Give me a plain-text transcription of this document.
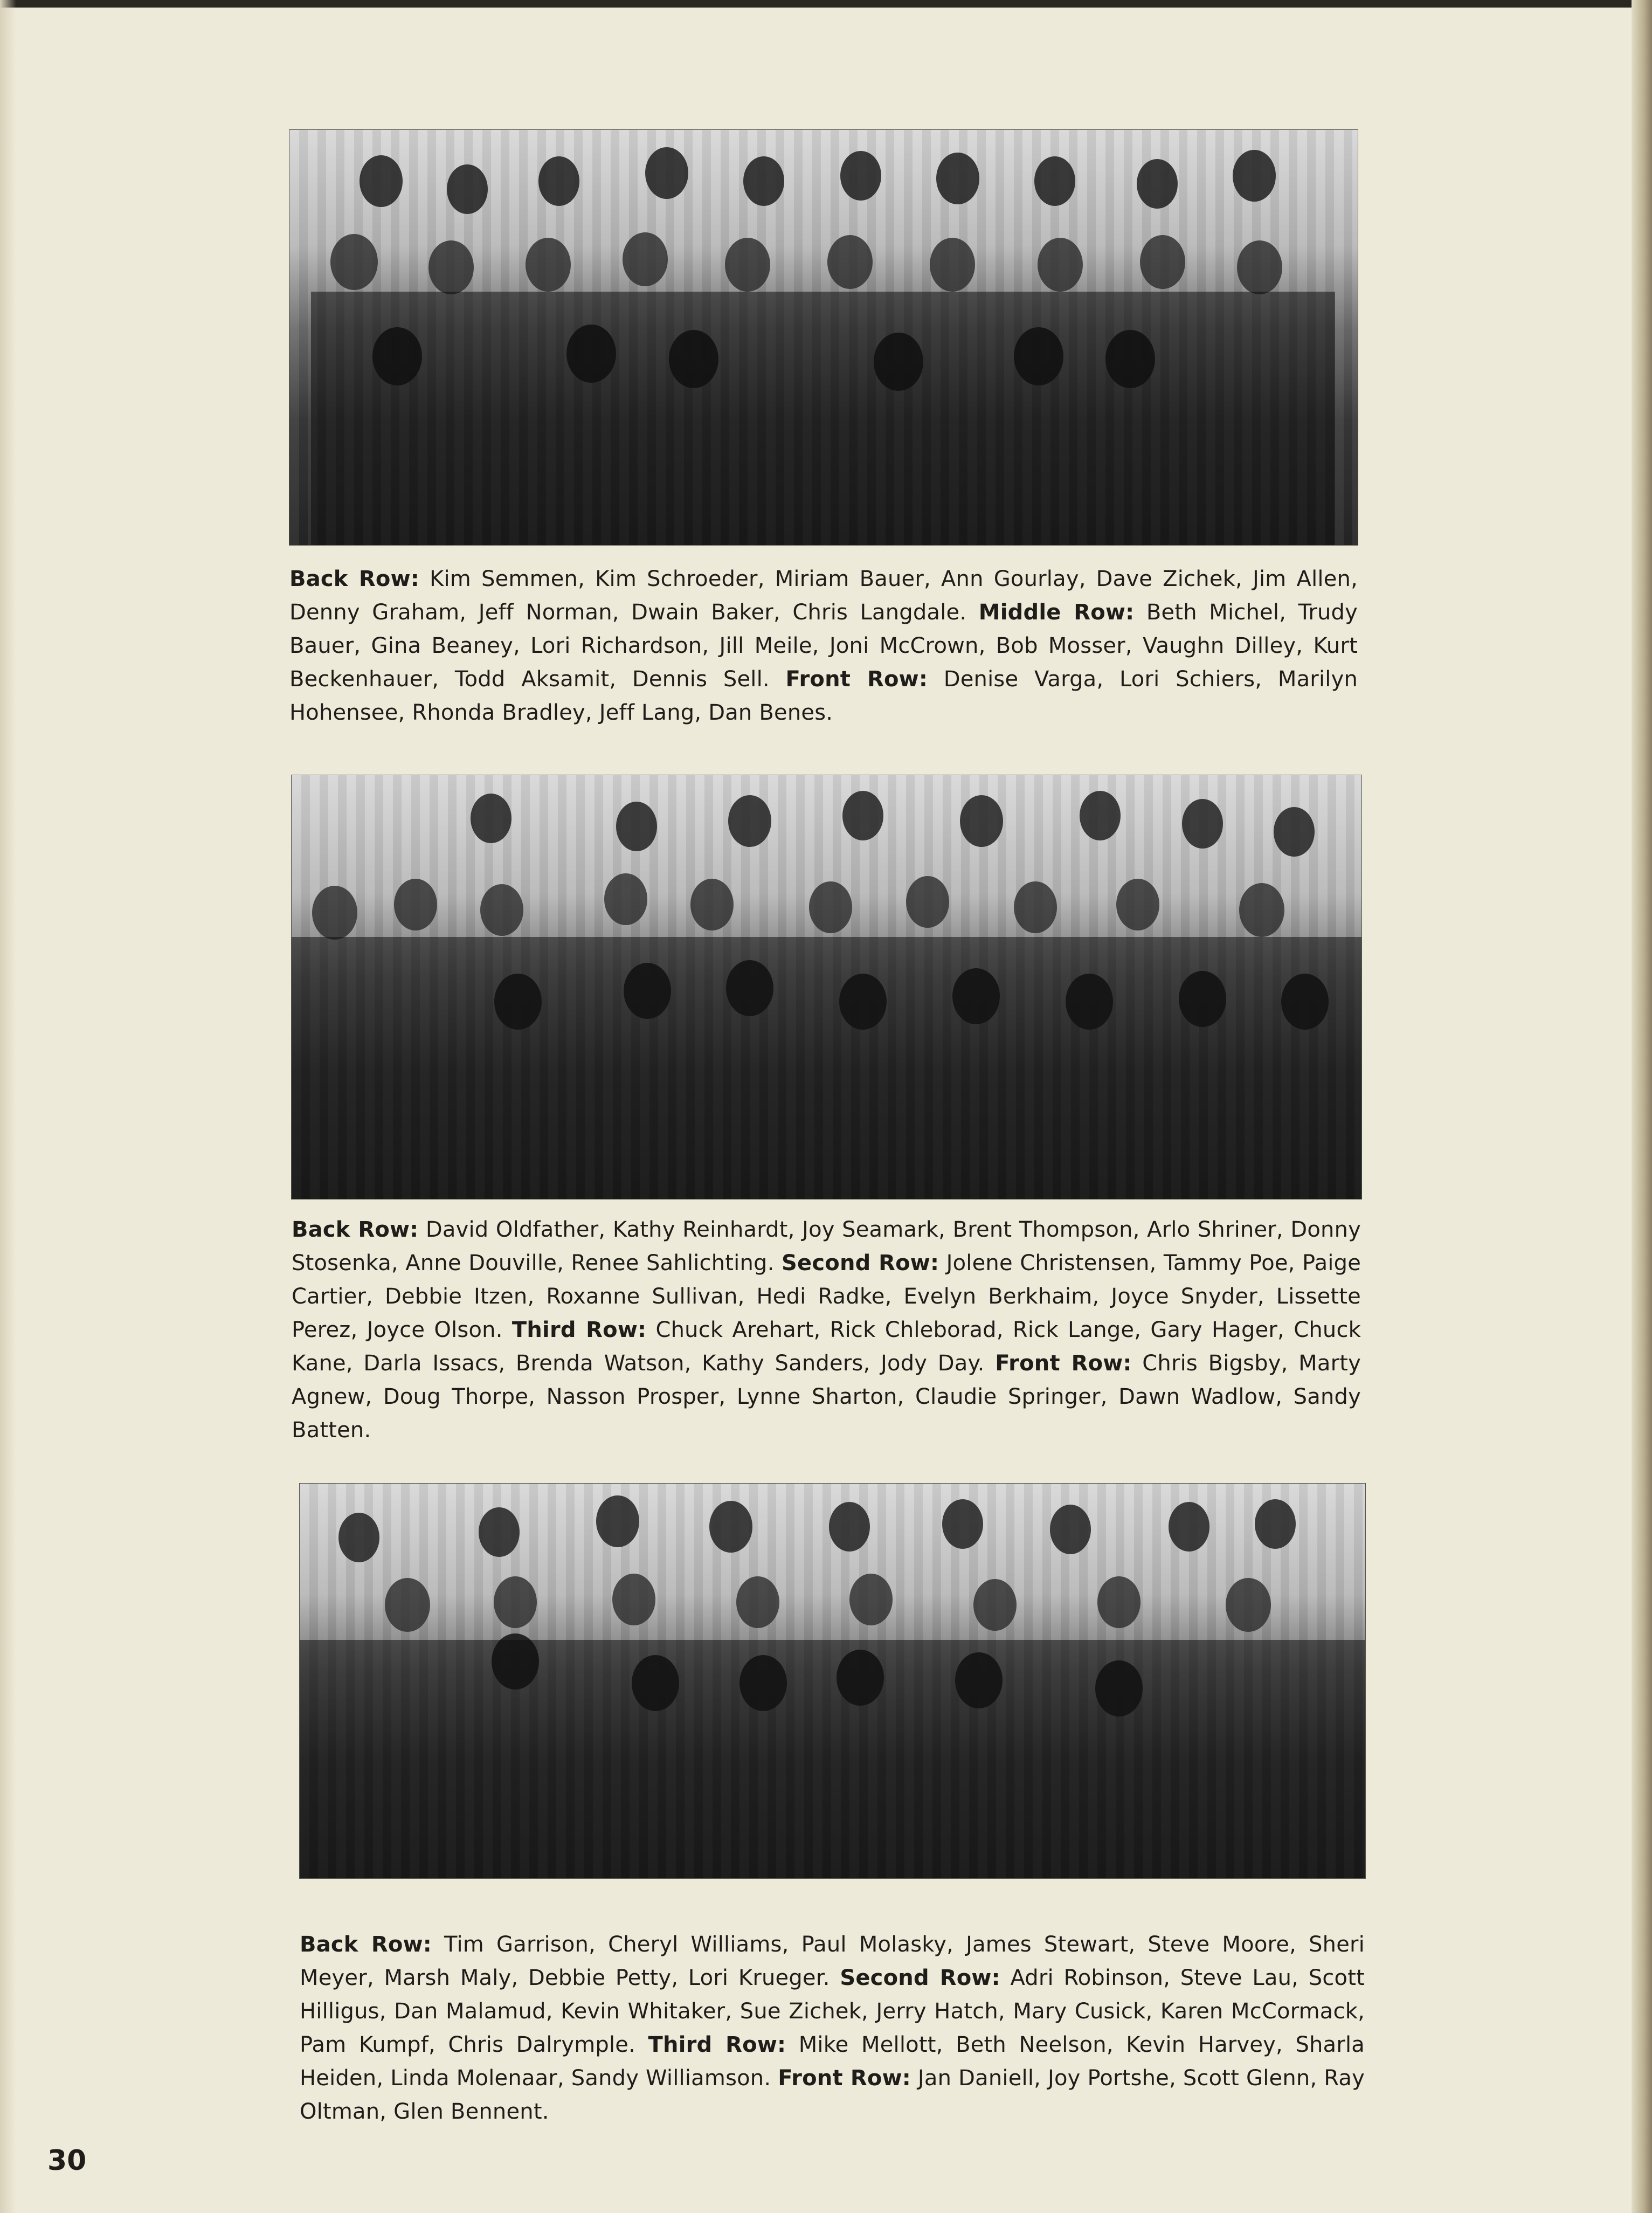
Back Row: Kim Semmen, Kim Schroeder, Miriam Bauer, Ann Gourlay, Dave Zichek, Jim Allen, Denny Graham, Jeff Norman, Dwain Baker, Chris Langdale. Middle Row: Beth Michel, Trudy Bauer, Gina Beaney, Lori Richardson, Jill Meile, Joni McCrown, Bob Mosser, Vaughn Dilley, Kurt Beckenhauer, Todd Aksamit, Dennis Sell. Front Row: Denise Varga, Lori Schiers, Marilyn Hohensee, Rhonda Bradley, Jeff Lang, Dan Benes.
Back Row: David Oldfather, Kathy Reinhardt, Joy Seamark, Brent Thompson, Arlo Shriner, Donny Stosenka, Anne Douville, Renee Sahlichting. Second Row: Jolene Christensen, Tammy Poe, Paige Cartier, Debbie Itzen, Roxanne Sullivan, Hedi Radke, Evelyn Berkhaim, Joyce Snyder, Lissette Perez, Joyce Olson. Third Row: Chuck Arehart, Rick Chleborad, Rick Lange, Gary Hager, Chuck Kane, Darla Issacs, Brenda Watson, Kathy Sanders, Jody Day. Front Row: Chris Bigsby, Marty Agnew, Doug Thorpe, Nasson Prosper, Lynne Sharton, Claudie Springer, Dawn Wadlow, Sandy Batten.
Back Row: Tim Garrison, Cheryl Williams, Paul Molasky, James Stewart, Steve Moore, Sheri Meyer, Marsh Maly, Debbie Petty, Lori Krueger. Second Row: Adri Robinson, Steve Lau, Scott Hilligus, Dan Malamud, Kevin Whitaker, Sue Zichek, Jerry Hatch, Mary Cusick, Karen McCormack, Pam Kumpf, Chris Dalrymple. Third Row: Mike Mellott, Beth Neelson, Kevin Harvey, Sharla Heiden, Linda Molenaar, Sandy Williamson. Front Row: Jan Daniell, Joy Portshe, Scott Glenn, Ray Oltman, Glen Bennent.
30
